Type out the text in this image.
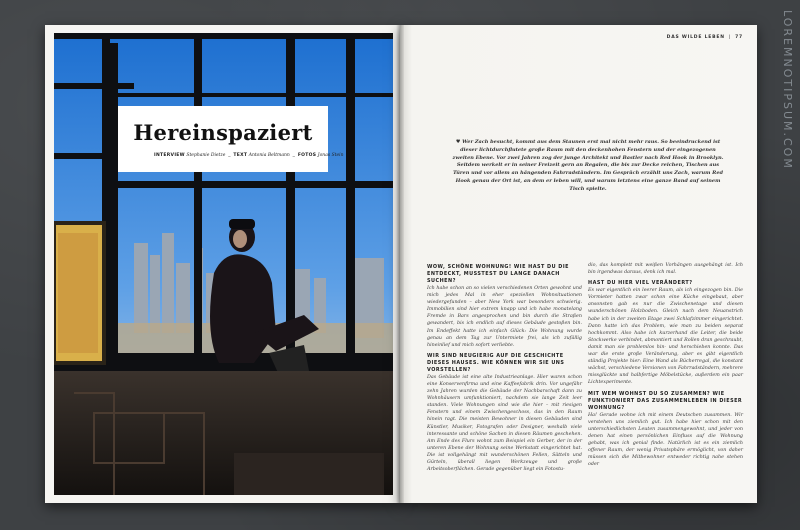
LOREMNOTIPSUM.COM
Hereinspaziert
INTERVIEW Stephanie Dietze  _  TEXT Antonia Beltmann  _  FOTOS Jonas Stein
DAS WILDE LEBEN | 77
♥ Wer Zach besucht, kommt aus dem Staunen erst mal nicht mehr raus. So beeindruckend ist dieser lichtdurchflutete große Raum mit den deckenhohen Fenstern und der eingezogenen zweiten Ebene. Vor zwei Jahren zog der junge Architekt und Bastler nach Red Hook in Brooklyn. Seitdem werkelt er in seiner Freizeit gern an Regalen, die bis zur Decke reichen, Tischen aus Türen und vor allem an hängenden Fahrradständern. Im Gespräch erzählt uns Zach, warum Red Hook genau der Ort ist, an dem er leben will, und warum letztens eine ganze Band auf seinem Tisch spielte.
WOW, SCHÖNE WOHNUNG! WIE HAST DU DIE ENTDECKT, MUSSTEST DU LANGE DANACH SUCHEN?
Ich habe schon an so vielen verschiedenen Orten gewohnt und mich jedes Mal in eher speziellen Wohnsituationen wiedergefunden – aber New York war besonders schwierig. Immobilien sind hier extrem knapp und ich habe monatelang Fremde in Bars angesprochen und bin durch die Straßen gewandert, bis ich endlich auf dieses Gebäude gestoßen bin. Im Endeffekt hatte ich einfach Glück: Die Wohnung wurde genau an dem Tag zur Untermiete frei, als ich zufällig hineinlief und mich sofort verliebte.
WIR SIND NEUGIERIG AUF DIE GESCHICHTE DIESES HAUSES. WIE KÖNNEN WIR SIE UNS VORSTELLEN?
Das Gebäude ist eine alte Industrieanlage. Hier waren schon eine Konservenfirma und eine Kaffeefabrik drin. Vor ungefähr zehn Jahren wurden die Gebäude der Nachbarschaft dann zu Wohnhäusern umfunktioniert, nachdem sie lange Zeit leer standen. Viele Wohnungen sind wie die hier – mit riesigen Fenstern und einem Zwischengeschoss, das in den Raum hinein ragt. Die meisten Bewohner in diesen Gebäuden sind Künstler, Musiker, Fotografen oder Designer, weshalb viele interessante und schöne Sachen in diesen Räumen geschehen. Am Ende des Flurs wohnt zum Beispiel ein Gerber, der in der unteren Ebene der Wohnung seine Werkstatt eingerichtet hat. Die ist vollgehängt mit wunderschönen Fellen, Sätteln und Gürteln, überall liegen Werkzeuge und große Arbeitsoberflächen. Gerade gegenüber liegt ein Fotostu-
dio, das komplett mit weißen Vorhängen ausgehängt ist. Ich bin irgendwas daraus, denk ich mal.
HAST DU HIER VIEL VERÄNDERT?
Es war eigentlich ein leerer Raum, als ich eingezogen bin. Die Vormieter hatten zwar schon eine Küche eingebaut, aber ansonsten gab es nur die Zwischenetage und diesen wunderschönen Holzboden. Gleich nach dem Neuanstrich habe ich in der zweiten Etage zwei Schlafzimmer eingerichtet. Dann hatte ich das Problem, wie man zu beiden separat hochkommt. Also habe ich kurzerhand die Leiter, die beide Stockwerke verbindet, abmontiert und Rollen dran geschraubt, damit man sie problemlos hin- und herschieben konnte. Das war die erste große Veränderung, aber es gibt eigentlich ständig Projekte hier: Eine Wand als Bücherregal, die konstant wächst, verschiedene Versionen von Fahrradständern, mehrere missglückte und halbfertige Möbelstücke, außerdem ein paar Lichtexperimente.
MIT WEM WOHNST DU SO ZUSAMMEN? WIE FUNKTIONIERT DAS ZUSAMMENLEBEN IN DIESER WOHNUNG?
Ha! Gerade wohne ich mit einem Deutschen zusammen. Wir verstehen uns ziemlich gut. Ich habe hier schon mit den unterschiedlichsten Leuten zusammengewohnt, und jeder von denen hat einen persönlichen Einfluss auf die Wohnung gehabt, was ich genial finde. Natürlich ist es ein ziemlich offener Raum, der wenig Privatsphäre ermöglicht, von daher müssen sich die Mitbewohner entweder richtig nahe stehen oder
